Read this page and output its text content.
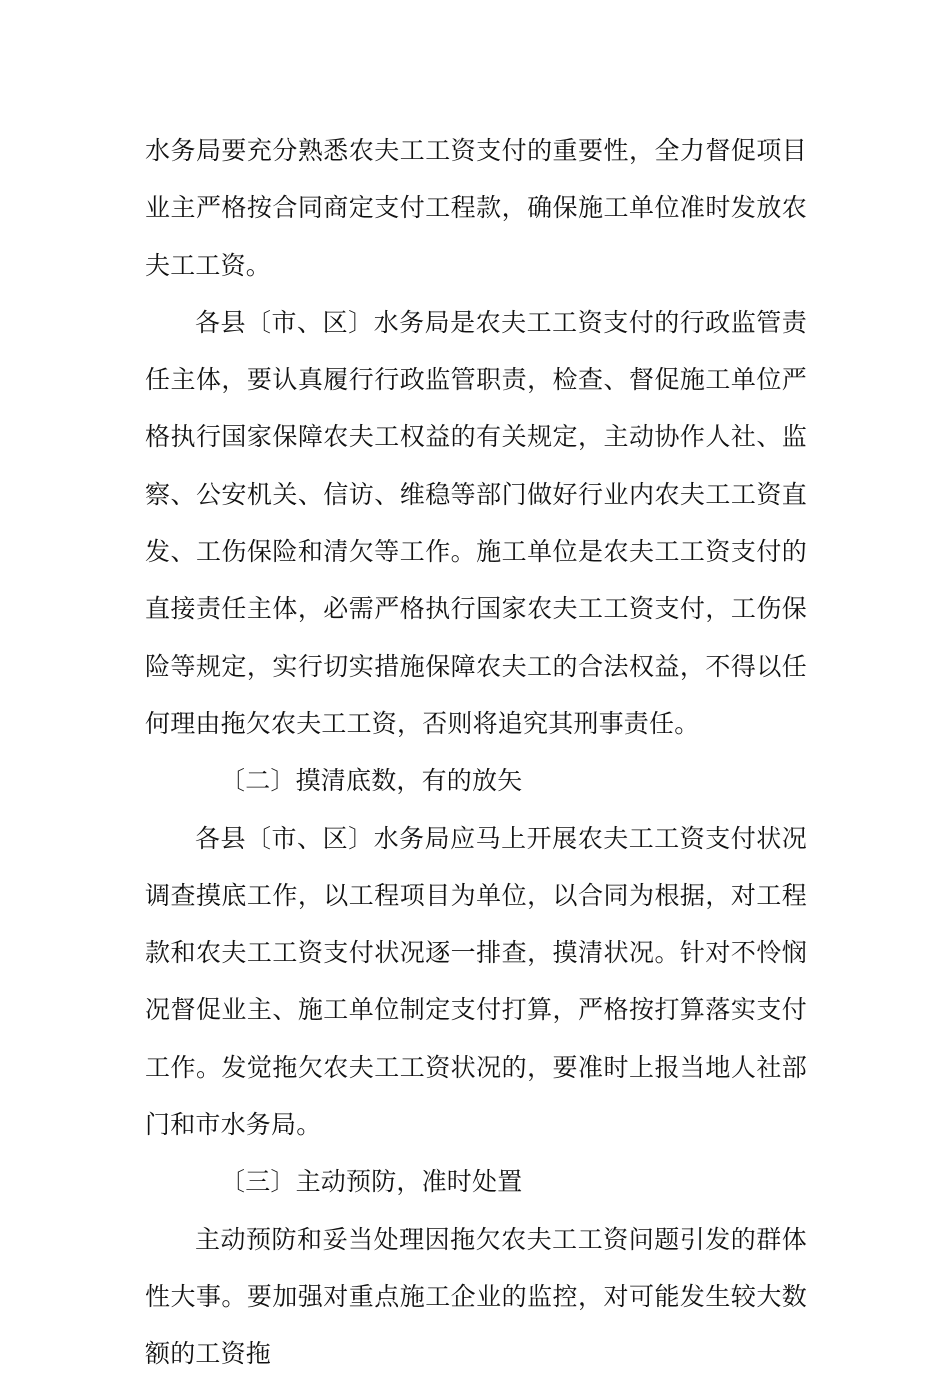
水务局要充分熟悉农夫工工资支付的重要性，全力督促项目业主严格按合同商定支付工程款，确保施工单位准时发放农夫工工资。

各县〔市、区〕水务局是农夫工工资支付的行政监管责任主体，要认真履行行政监管职责，检查、督促施工单位严格执行国家保障农夫工权益的有关规定，主动协作人社、监察、公安机关、信访、维稳等部门做好行业内农夫工工资直发、工伤保险和清欠等工作。施工单位是农夫工工资支付的直接责任主体，必需严格执行国家农夫工工资支付，工伤保险等规定，实行切实措施保障农夫工的合法权益，不得以任何理由拖欠农夫工工资，否则将追究其刑事责任。

〔二〕摸清底数，有的放矢

各县〔市、区〕水务局应马上开展农夫工工资支付状况调查摸底工作，以工程项目为单位，以合同为根据，对工程款和农夫工工资支付状况逐一排查，摸清状况。针对不怜悯况督促业主、施工单位制定支付打算，严格按打算落实支付工作。发觉拖欠农夫工工资状况的，要准时上报当地人社部门和市水务局。

〔三〕主动预防，准时处置

主动预防和妥当处理因拖欠农夫工工资问题引发的群体性大事。要加强对重点施工企业的监控，对可能发生较大数额的工资拖
